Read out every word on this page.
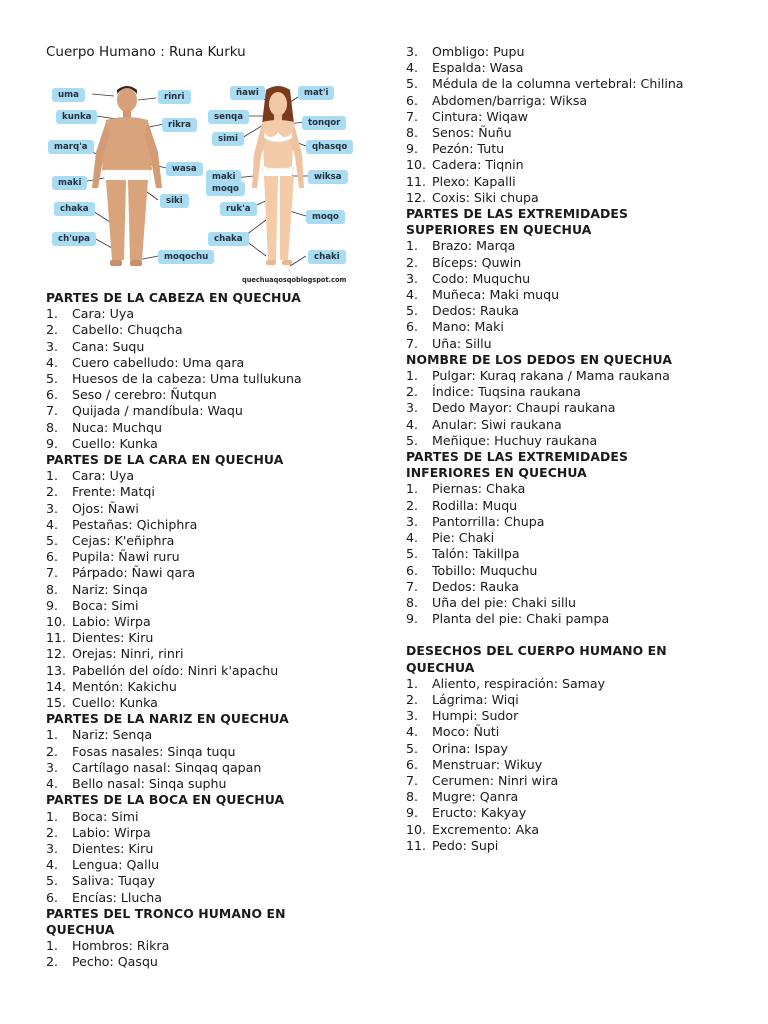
Cuerpo Humano : Runa Kurku
uma	rinri
kunka
rikra
marq'a
wasa
maki
siki
chaka
ch'upa
moqochu
ñawi	mat'i
senqa
tonqor
simi
qhasqo
maki
moqo
wiksa
ruk'a
moqo
chaka
chaki
quechuaqosqoblogspot.com
PARTES DE LA CABEZA EN QUECHUA
1.	Cara: Uya
2.	Cabello: Chuqcha
3.	Cana: Suqu
4.	Cuero cabelludo: Uma qara
5.	Huesos de la cabeza: Uma tullukuna
6.	Seso / cerebro: Ñutqun
7.	Quijada / mandíbula: Waqu
8.	Nuca: Muchqu
9.	Cuello: Kunka
PARTES DE LA CARA EN QUECHUA
1.	Cara: Uya
2.	Frente: Matqi
3.	Ojos: Ñawi
4.	Pestañas: Qichiphra
5.	Cejas: K'eñiphra
6.	Pupila: Ñawi ruru
7.	Párpado: Ñawi qara
8.	Nariz: Sinqa
9.	Boca: Simi
10. Labio: Wirpa
11. Dientes: Kiru
12. Orejas: Ninri, rinri
13. Pabellón del oído: Ninri k'apachu
14. Mentón: Kakichu
15. Cuello: Kunka
PARTES DE LA NARIZ EN QUECHUA
1.	Nariz: Senqa
2.	Fosas nasales: Sinqa tuqu
3.	Cartílago nasal: Sinqaq qapan
4.	Bello nasal: Sinqa suphu
PARTES DE LA BOCA EN QUECHUA
1.	Boca: Simi
2.	Labio: Wirpa
3.	Dientes: Kiru
4.	Lengua: Qallu
5.	Saliva: Tuqay
6.	Encías: Llucha
PARTES DEL TRONCO HUMANO EN
QUECHUA
1.	Hombros: Rikra
2.	Pecho: Qasqu
3.	Ombligo: Pupu
4.	Espalda: Wasa
5.	Médula de la columna vertebral: Chilina
6.	Abdomen/barriga: Wiksa
7.	Cintura: Wiqaw
8.	Senos: Ñuñu
9.	Pezón: Tutu
10. Cadera: Tiqnin
11. Plexo: Kapalli
12. Coxis: Siki chupa
PARTES DE LAS EXTREMIDADES
SUPERIORES EN QUECHUA
1.	Brazo: Marqa
2.	Bíceps: Quwin
3.	Codo: Muquchu
4.	Muñeca: Maki muqu
5.	Dedos: Rauka
6.	Mano: Maki
7.	Uña: Sillu
NOMBRE DE LOS DEDOS EN QUECHUA
1.	Pulgar: Kuraq rakana / Mama raukana
2.	Índice: Tuqsina raukana
3.	Dedo Mayor: Chaupi raukana
4.	Anular: Siwi raukana
5.	Meñique: Huchuy raukana
PARTES DE LAS EXTREMIDADES
INFERIORES EN QUECHUA
1.	Piernas: Chaka
2.	Rodilla: Muqu
3.	Pantorrilla: Chupa
4.	Pie: Chaki
5.	Talón: Takillpa
6.	Tobillo: Muquchu
7.	Dedos: Rauka
8.	Uña del pie: Chaki sillu
9.	Planta del pie: Chaki pampa
DESECHOS DEL CUERPO HUMANO EN
QUECHUA
1.	Aliento, respiración: Samay
2.	Lágrima: Wiqi
3.	Humpi: Sudor
4.	Moco: Ñuti
5.	Orina: Ispay
6.	Menstruar: Wikuy
7.	Cerumen: Ninri wira
8.	Mugre: Qanra
9.	Eructo: Kakyay
10. Excremento: Aka
11. Pedo: Supi
